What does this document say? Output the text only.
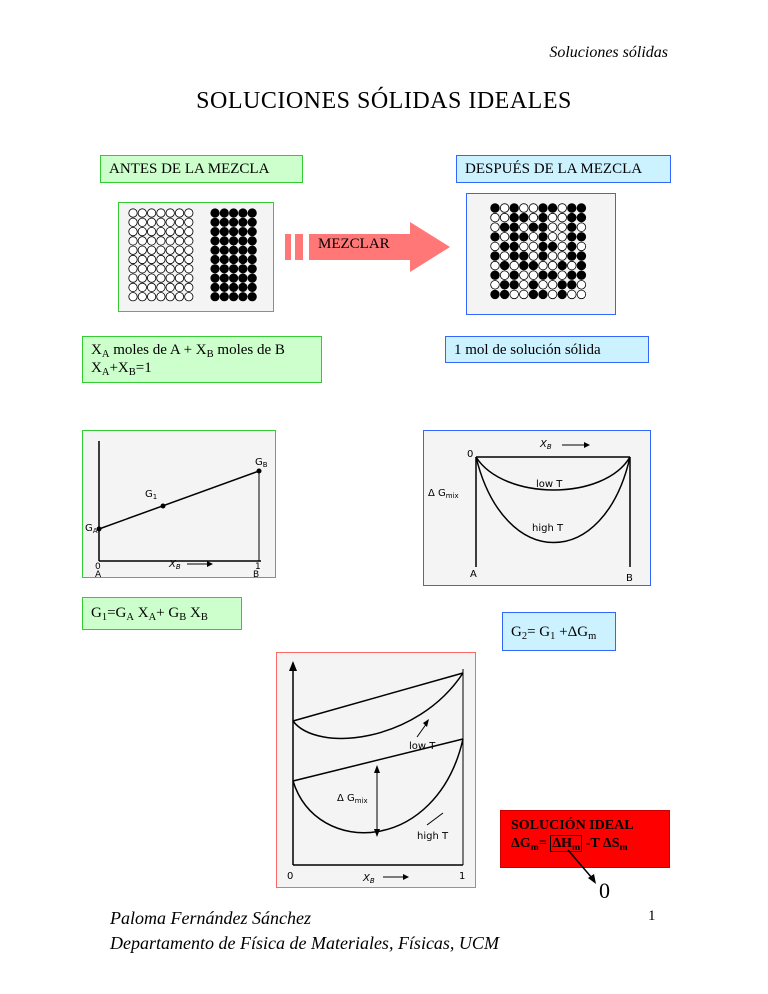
Soluciones sólidas
SOLUCIONES SÓLIDAS IDEALES
ANTES DE LA MEZCLA	DESPUÉS DE LA MEZCLA
MEZCLAR
$X_A$ moles de $A + X_B$ moles de B
$X_A+X_B=1$
1 mol de solución sólida
$G_B$
$G_1$
$G_A$
0
A
1
B
$X_B$
0
$X_B$
Δ $G_{mix}$
low T
high T
A	B
$G_1=G_A$ $X_A+ G_B$ $X_B$
$G_2= G_1 +\Delta G_m$
low T
high T
Δ $G_{mix}$
0	1
$X_B$
SOLUCIÓN IDEAL
$\Delta G_m= \Delta H_m$ -T $\Delta S_m$
0
Paloma Fernández Sánchez
Departamento de Física de Materiales, Físicas, UCM
1
